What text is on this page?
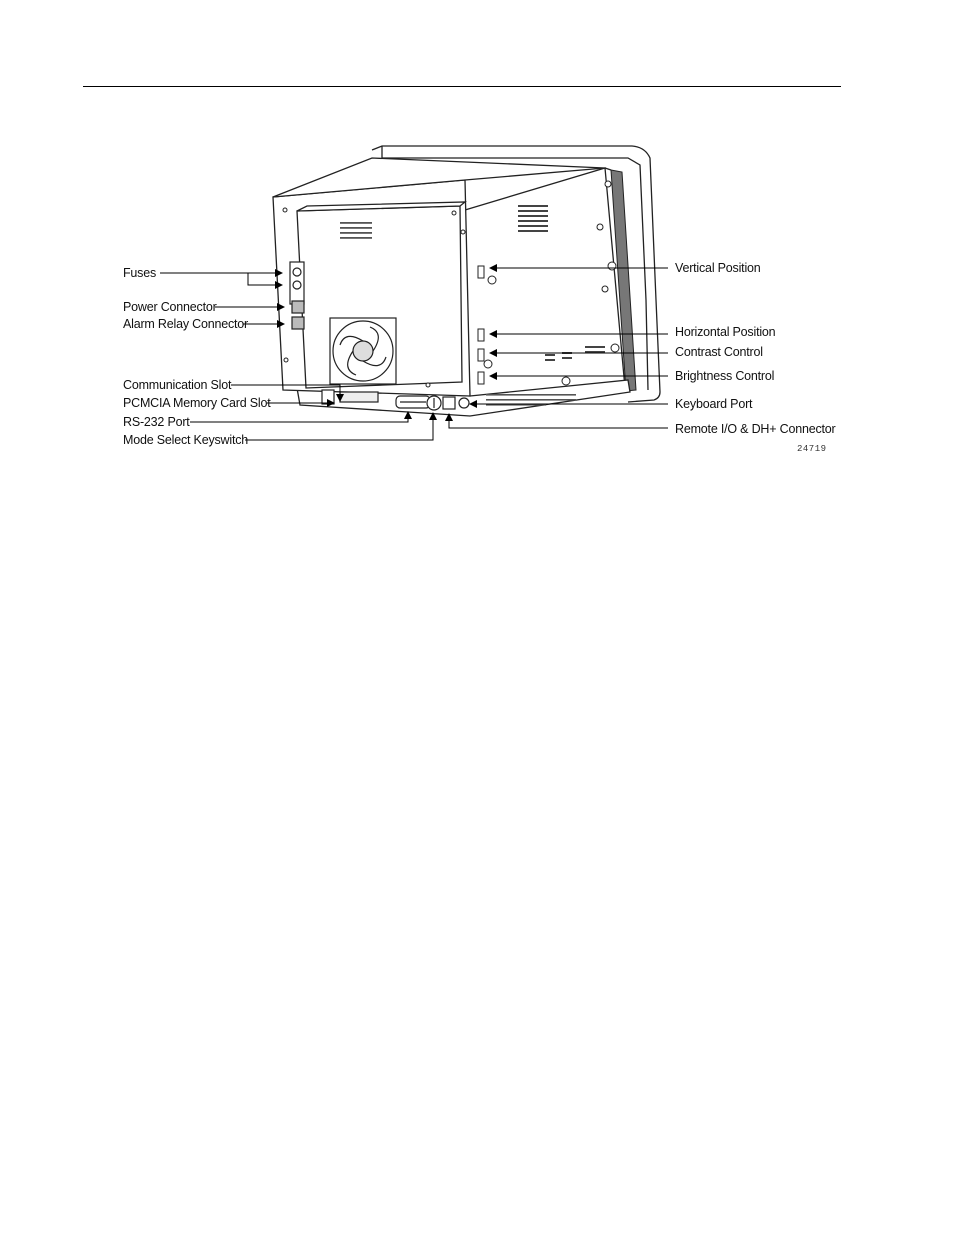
Fuses
Power Connector
Alarm Relay Connector
Communication Slot
PCMCIA Memory Card Slot
RS-232 Port
Mode Select Keyswitch
Vertical Position
Horizontal Position
Contrast Control
Brightness Control
Keyboard Port
Remote I/O & DH+ Connector
24719
